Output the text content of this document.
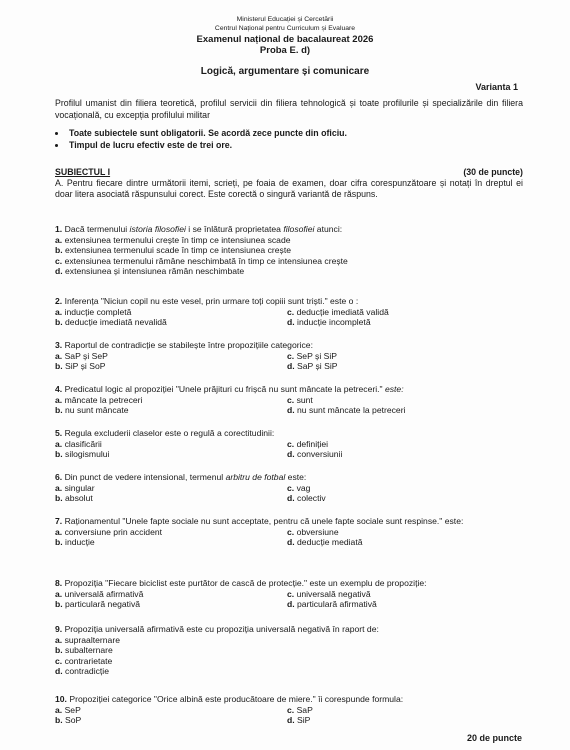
Ministerul Educației și Cercetării
Centrul Național pentru Curriculum și Evaluare
Examenul național de bacalaureat 2026
Proba E. d)
Logică, argumentare și comunicare
Varianta 1
Profilul umanist din filiera teoretică, profilul servicii din filiera tehnologică și toate profilurile și specializările din filiera vocațională, cu excepția profilului militar
• Toate subiectele sunt obligatorii. Se acordă zece puncte din oficiu.
• Timpul de lucru efectiv este de trei ore.
SUBIECTUL I	(30 de puncte)
A. Pentru fiecare dintre următorii itemi, scrieți, pe foaia de examen, doar cifra corespunzătoare și notați în dreptul ei doar litera asociată răspunsului corect. Este corectă o singură variantă de răspuns.
1. Dacă termenului istoria filosofiei i se înlătură proprietatea filosofiei atunci:
a. extensiunea termenului crește în timp ce intensiunea scade
b. extensiunea termenului scade în timp ce intensiunea crește
c. extensiunea termenului rămâne neschimbată în timp ce intensiunea crește
d. extensiunea și intensiunea rămân neschimbate
2. Inferența "Niciun copil nu este vesel, prin urmare toți copiii sunt triști." este o :
a. inducție completă	c. deducție imediată validă
b. deducție imediată nevalidă	d. inducție incompletă
3. Raportul de contradicție se stabilește între propozițiile categorice:
a. SaP și SeP	c. SeP și SiP
b. SiP și SoP	d. SaP și SiP
4. Predicatul logic al propoziției "Unele prăjituri cu frișcă nu sunt mâncate la petreceri." este:
a. mâncate la petreceri	c. sunt
b. nu sunt mâncate	d. nu sunt mâncate la petreceri
5. Regula excluderii claselor este o regulă a corectitudinii:
a. clasificării	c. definiției
b. silogismului	d. conversiunii
6. Din punct de vedere intensional, termenul arbitru de fotbal este:
a. singular	c. vag
b. absolut	d. colectiv
7. Raționamentul "Unele fapte sociale nu sunt acceptate, pentru că unele fapte sociale sunt respinse." este:
a. conversiune prin accident	c. obversiune
b. inducție	d. deducție mediată
8. Propoziția "Fiecare biciclist este purtător de cască de protecție." este un exemplu de propoziție:
a. universală afirmativă	c. universală negativă
b. particulară negativă	d. particulară afirmativă
9. Propoziția universală afirmativă este cu propoziția universală negativă în raport de:
a. supraalternare
b. subalternare
c. contrarietate
d. contradicție
10. Propoziției categorice "Orice albină este producătoare de miere." îi corespunde formula:
a. SeP	c. SaP
b. SoP	d. SiP
20 de puncte
